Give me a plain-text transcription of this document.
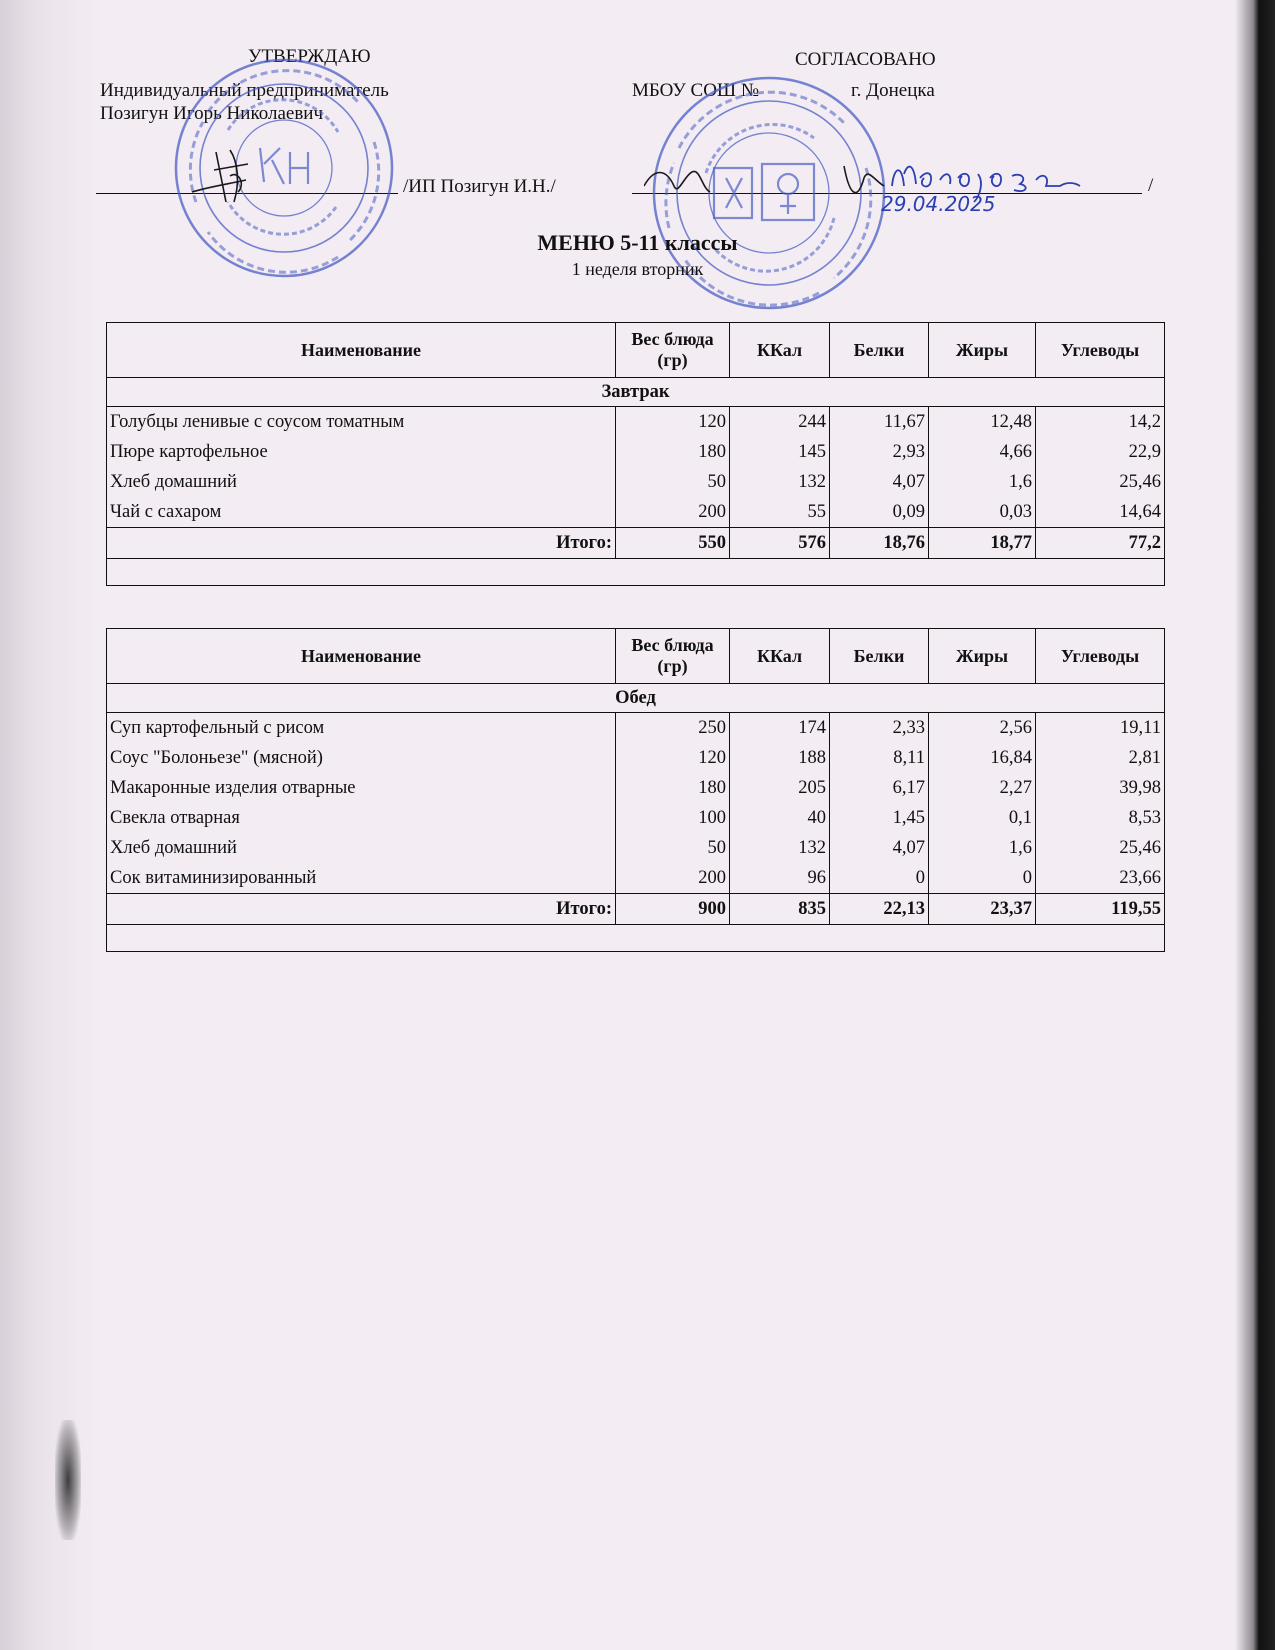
УТВЕРЖДАЮ
Индивидуальный предприниматель
Позигун Игорь Николаевич
/ИП Позигун И.Н./
СОГЛАСОВАНО
МБОУ СОШ №	г. Донецка
/
29.04.2025
МЕНЮ 5-11 классы
1 неделя вторник
Наименование	Вес блюда (гр)	ККал	Белки	Жиры	Углеводы
Завтрак					
Голубцы ленивые с соусом томатным	120	244	11,67	12,48	14,2
Пюре картофельное	180	145	2,93	4,66	22,9
Хлеб домашний	50	132	4,07	1,6	25,46
Чай с сахаром	200	55	0,09	0,03	14,64
Итого:	550	576	18,76	18,77	77,2

Наименование	Вес блюда (гр)	ККал	Белки	Жиры	Углеводы
Обед					
Суп картофельный с рисом	250	174	2,33	2,56	19,11
Соус "Болоньезе" (мясной)	120	188	8,11	16,84	2,81
Макаронные изделия отварные	180	205	6,17	2,27	39,98
Свекла отварная	100	40	1,45	0,1	8,53
Хлеб домашний	50	132	4,07	1,6	25,46
Сок витаминизированный	200	96	0	0	23,66
Итого:	900	835	22,13	23,37	119,55
